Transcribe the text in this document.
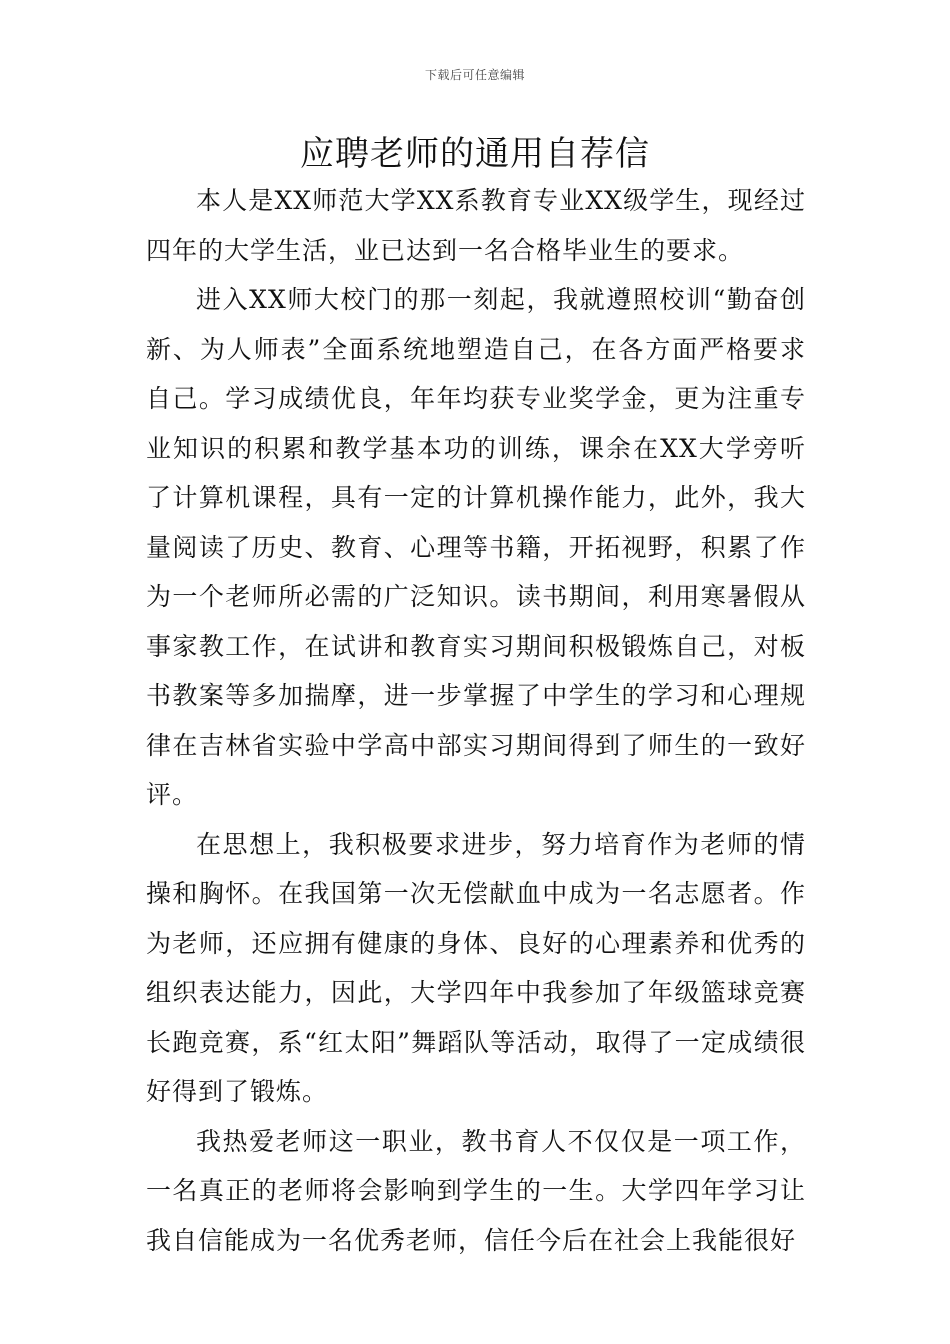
下载后可任意编辑
应聘老师的通用自荐信

本人是XX师范大学XX系教育专业XX级学生，现经过四年的大学生活，业已达到一名合格毕业生的要求。

进入XX师大校门的那一刻起，我就遵照校训“勤奋创新、为人师表”全面系统地塑造自己，在各方面严格要求自己。学习成绩优良，年年均获专业奖学金，更为注重专业知识的积累和教学基本功的训练，课余在XX大学旁听了计算机课程，具有一定的计算机操作能力，此外，我大量阅读了历史、教育、心理等书籍，开拓视野，积累了作为一个老师所必需的广泛知识。读书期间，利用寒暑假从事家教工作，在试讲和教育实习期间积极锻炼自己，对板书教案等多加揣摩，进一步掌握了中学生的学习和心理规律在吉林省实验中学高中部实习期间得到了师生的一致好评。

在思想上，我积极要求进步，努力培育作为老师的情操和胸怀。在我国第一次无偿献血中成为一名志愿者。作为老师，还应拥有健康的身体、良好的心理素养和优秀的组织表达能力，因此，大学四年中我参加了年级篮球竞赛长跑竞赛，系“红太阳”舞蹈队等活动，取得了一定成绩很好得到了锻炼。

我热爱老师这一职业，教书育人不仅仅是一项工作，一名真正的老师将会影响到学生的一生。大学四年学习让我自信能成为一名优秀老师，信任今后在社会上我能很好
